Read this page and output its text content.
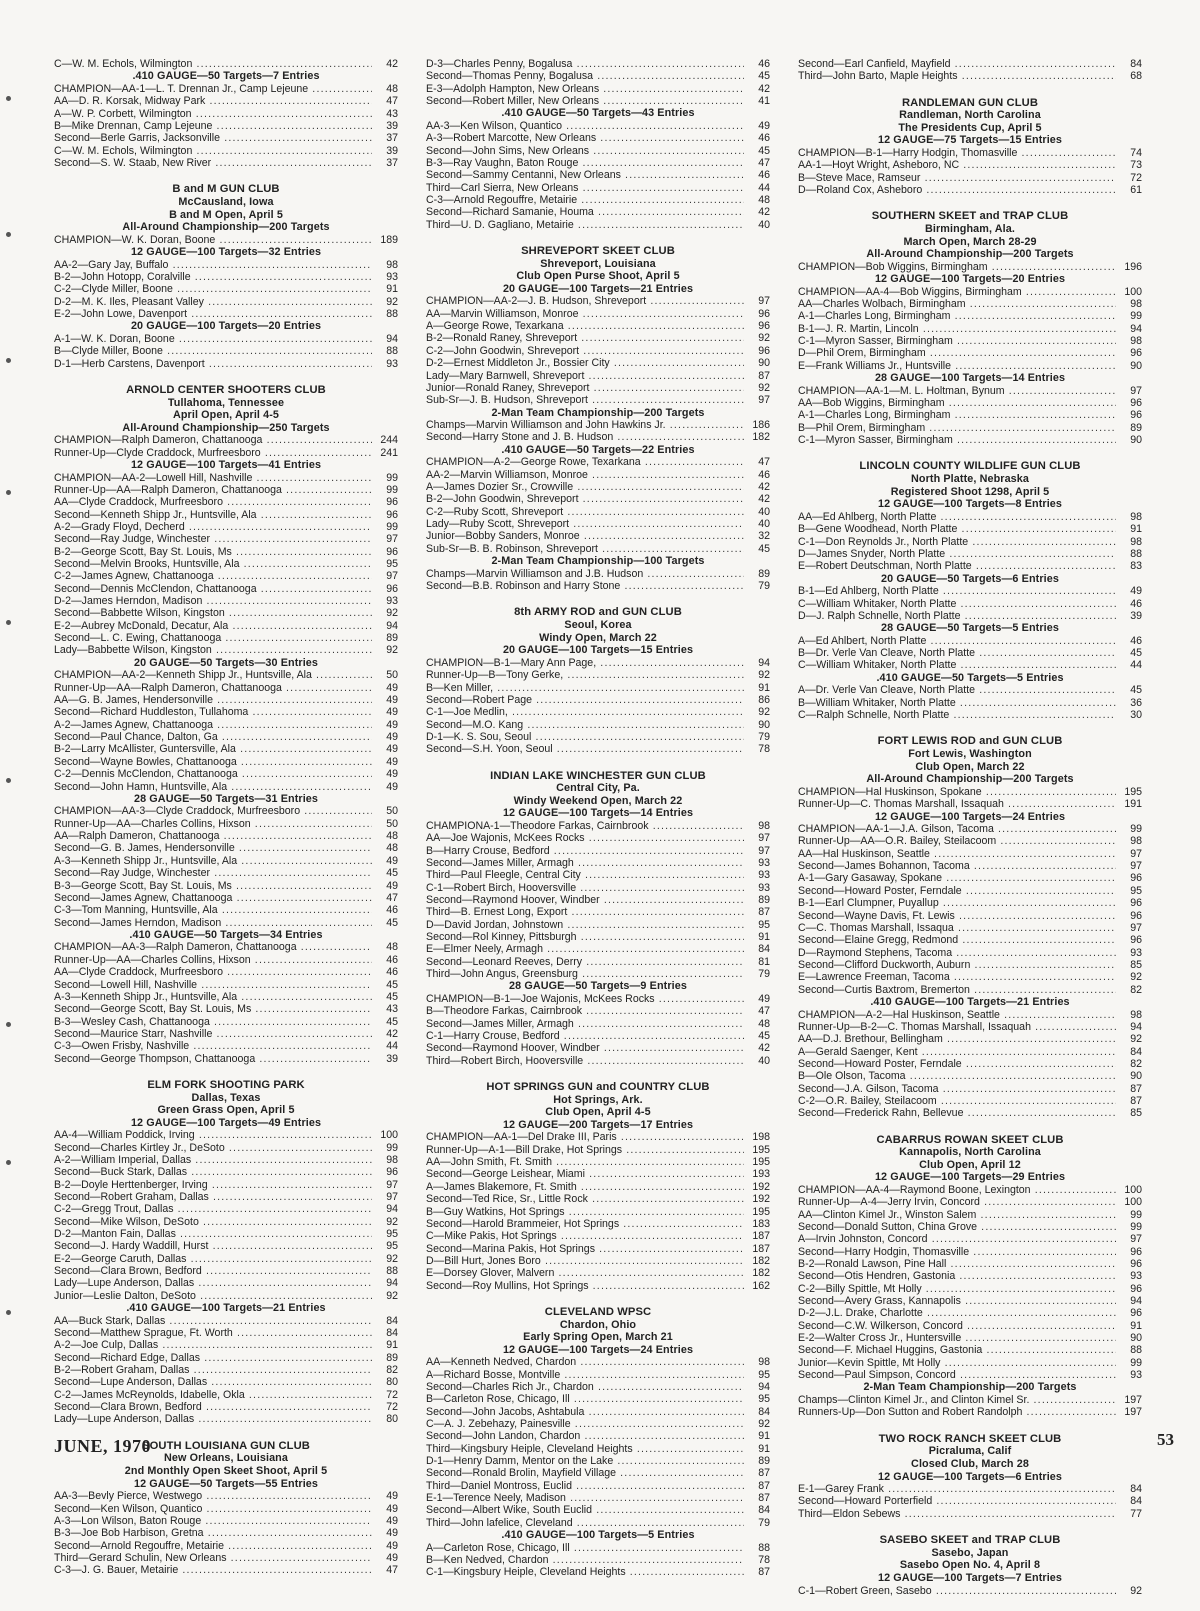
C—W. M. Echols, Wilmington .....	42
.410 GAUGE—50 Targets—7 Entries
CHAMPION—AA-1—L. T. Drennan Jr., Camp Lejeune .....	48
AA—D. R. Korsak, Midway Park .....	47
A—W. P. Corbett, Wilmington .....	43
B—Mike Drennan, Camp Lejeune .....	39
Second—Berle Garris, Jacksonville .....	37
C—W. M. Echols, Wilmington .....	39
Second—S. W. Staab, New River .....	37
B and M GUN CLUB
McCausland, Iowa
B and M Open, April 5
All-Around Championship—200 Targets
CHAMPION—W. K. Doran, Boone .....	189
12 GAUGE—100 Targets—32 Entries
AA-2—Gary Jay, Buffalo .....	98
B-2—John Hotopp, Coralville .....	93
C-2—Clyde Miller, Boone .....	91
D-2—M. K. Iles, Pleasant Valley .....	92
E-2—John Lowe, Davenport .....	88
20 GAUGE—100 Targets—20 Entries
A-1—W. K. Doran, Boone .....	94
B—Clyde Miller, Boone .....	88
D-1—Herb Carstens, Davenport .....	93
ARNOLD CENTER SHOOTERS CLUB
Tullahoma, Tennessee
April Open, April 4-5
All-Around Championship—250 Targets
CHAMPION—Ralph Dameron, Chattanooga .....	244
Runner-Up—Clyde Craddock, Murfreesboro .....	241
12 GAUGE—100 Targets—41 Entries
CHAMPION—AA-2—Lowell Hill, Nashville .....	99
Runner-Up—AA—Ralph Dameron, Chattanooga .....	99
AA—Clyde Craddock, Murfreesboro .....	96
Second—Kenneth Shipp Jr., Huntsville, Ala .....	96
A-2—Grady Floyd, Decherd .....	99
Second—Ray Judge, Winchester .....	97
B-2—George Scott, Bay St. Louis, Ms .....	96
Second—Melvin Brooks, Huntsville, Ala .....	95
C-2—James Agnew, Chattanooga .....	97
Second—Dennis McClendon, Chattanooga .....	96
D-2—James Herndon, Madison .....	93
Second—Babbette Wilson, Kingston .....	92
E-2—Aubrey McDonald, Decatur, Ala .....	94
Second—L. C. Ewing, Chattanooga .....	89
Lady—Babbette Wilson, Kingston .....	92
20 GAUGE—50 Targets—30 Entries
CHAMPION—AA-2—Kenneth Shipp Jr., Huntsville, Ala .....	50
Runner-Up—AA—Ralph Dameron, Chattanooga .....	49
AA—G. B. James, Hendersonville .....	49
Second—Richard Huddleston, Tullahoma .....	49
A-2—James Agnew, Chattanooga .....	49
Second—Paul Chance, Dalton, Ga .....	49
B-2—Larry McAllister, Guntersville, Ala .....	49
Second—Wayne Bowles, Chattanooga .....	49
C-2—Dennis McClendon, Chattanooga .....	49
Second—John Hamn, Huntsville, Ala .....	49
28 GAUGE—50 Targets—31 Entries
CHAMPION—AA-3—Clyde Craddock, Murfreesboro .....	50
Runner-Up—AA—Charles Collins, Hixson .....	50
AA—Ralph Dameron, Chattanooga .....	48
Second—G. B. James, Hendersonville .....	48
A-3—Kenneth Shipp Jr., Huntsville, Ala .....	49
Second—Ray Judge, Winchester .....	45
B-3—George Scott, Bay St. Louis, Ms .....	49
Second—James Agnew, Chattanooga .....	47
C-3—Tom Manning, Huntsville, Ala .....	46
Second—James Herndon, Madison .....	45
.410 GAUGE—50 Targets—34 Entries
CHAMPION—AA-3—Ralph Dameron, Chattanooga .....	48
Runner-Up—AA—Charles Collins, Hixson .....	46
AA—Clyde Craddock, Murfreesboro .....	46
Second—Lowell Hill, Nashville .....	45
A-3—Kenneth Shipp Jr., Huntsville, Ala .....	45
Second—George Scott, Bay St. Louis, Ms .....	43
B-3—Wesley Cash, Chattanooga .....	45
Second—Maurice Starr, Nashville .....	42
C-3—Owen Frisby, Nashville .....	44
Second—George Thompson, Chattanooga .....	39
ELM FORK SHOOTING PARK
Dallas, Texas
Green Grass Open, April 5
12 GAUGE—100 Targets—49 Entries
AA-4—William Poddick, Irving .....	100
Second—Charles Kirtley Jr., DeSoto .....	99
A-2—William Imperial, Dallas .....	98
Second—Buck Stark, Dallas .....	96
B-2—Doyle Herttenberger, Irving .....	97
Second—Robert Graham, Dallas .....	97
C-2—Gregg Trout, Dallas .....	94
Second—Mike Wilson, DeSoto .....	92
D-2—Manton Fain, Dallas .....	95
Second—J. Hardy Waddill, Hurst .....	95
E-2—George Caruth, Dallas .....	92
Second—Clara Brown, Bedford .....	88
Lady—Lupe Anderson, Dallas .....	94
Junior—Leslie Dalton, DeSoto .....	92
.410 GAUGE—100 Targets—21 Entries
AA—Buck Stark, Dallas .....	84
Second—Matthew Sprague, Ft. Worth .....	84
A-2—Joe Culp, Dallas .....	91
Second—Richard Edge, Dallas .....	89
B-2—Robert Graham, Dallas .....	82
Second—Lupe Anderson, Dallas .....	80
C-2—James McReynolds, Idabelle, Okla .....	72
Second—Clara Brown, Bedford .....	72
Lady—Lupe Anderson, Dallas .....	80
SOUTH LOUISIANA GUN CLUB
New Orleans, Louisiana
2nd Monthly Open Skeet Shoot, April 5
12 GAUGE—50 Targets—55 Entries
AA-3—Bevly Pierce, Westwego .....	49
Second—Ken Wilson, Quantico .....	49
A-3—Lon Wilson, Baton Rouge .....	49
B-3—Joe Bob Harbison, Gretna .....	49
Second—Arnold Regouffre, Metairie .....	49
Third—Gerard Schulin, New Orleans .....	49
C-3—J. G. Bauer, Metairie .....	47
D-3—Charles Penny, Bogalusa .....	46
Second—Thomas Penny, Bogalusa .....	45
E-3—Adolph Hampton, New Orleans .....	42
Second—Robert Miller, New Orleans .....	41
.410 GAUGE—50 Targets—43 Entries
AA-3—Ken Wilson, Quantico .....	49
A-3—Robert Marcotte, New Orleans .....	46
Second—John Sims, New Orleans .....	45
B-3—Ray Vaughn, Baton Rouge .....	47
Second—Sammy Centanni, New Orleans .....	46
Third—Carl Sierra, New Orleans .....	44
C-3—Arnold Regouffre, Metairie .....	48
Second—Richard Samanie, Houma .....	42
Third—U. D. Gagliano, Metairie .....	40
SHREVEPORT SKEET CLUB
Shreveport, Louisiana
Club Open Purse Shoot, April 5
20 GAUGE—100 Targets—21 Entries
CHAMPION—AA-2—J. B. Hudson, Shreveport .....	97
AA—Marvin Williamson, Monroe .....	96
A—George Rowe, Texarkana .....	96
B-2—Ronald Raney, Shreveport .....	92
C-2—John Goodwin, Shreveport .....	96
D-2—Ernest Middleton Jr., Bossier City .....	90
Lady—Mary Barnwell, Shreveport .....	87
Junior—Ronald Raney, Shreveport .....	92
Sub-Sr—J. B. Hudson, Shreveport .....	97
2-Man Team Championship—200 Targets
Champs—Marvin Williamson and John Hawkins Jr. .....	186
Second—Harry Stone and J. B. Hudson .....	182
.410 GAUGE—50 Targets—22 Entries
CHAMPION—A-2—George Rowe, Texarkana .....	47
AA-2—Marvin Williamson, Monroe .....	46
A—James Dozier Sr., Crowville .....	42
B-2—John Goodwin, Shreveport .....	42
C-2—Ruby Scott, Shreveport .....	40
Lady—Ruby Scott, Shreveport .....	40
Junior—Bobby Sanders, Monroe .....	32
Sub-Sr—B. B. Robinson, Shreveport .....	45
2-Man Team Championship—100 Targets
Champs—Marvin Williamson and J.B. Hudson .....	89
Second—B.B. Robinson and Harry Stone .....	79
8th ARMY ROD and GUN CLUB
Seoul, Korea
Windy Open, March 22
20 GAUGE—100 Targets—15 Entries
CHAMPION—B-1—Mary Ann Page, .....	94
Runner-Up—B—Tony Gerke, .....	92
B—Ken Miller, .....	91
Second—Robert Page .....	86
C-1—Joe Medlin, .....	92
Second—M.O. Kang .....	90
D-1—K. S. Sou, Seoul .....	79
Second—S.H. Yoon, Seoul .....	78
INDIAN LAKE WINCHESTER GUN CLUB
Central City, Pa.
Windy Weekend Open, March 22
12 GAUGE—100 Targets—14 Entries
CHAMPIONA-1—Theodore Farkas, Cairnbrook .....	98
AA—Joe Wajonis, McKees Rocks .....	97
B—Harry Crouse, Bedford .....	97
Second—James Miller, Armagh .....	93
Third—Paul Fleegle, Central City .....	93
C-1—Robert Birch, Hooversville .....	93
Second—Raymond Hoover, Windber .....	89
Third—B. Ernest Long, Export .....	87
D—David Jordan, Johnstown .....	95
Second—Rol Kinney, Pittsburgh .....	91
E—Elmer Neely, Armagh .....	84
Second—Leonard Reeves, Derry .....	81
Third—John Angus, Greensburg .....	79
28 GAUGE—50 Targets—9 Entries
CHAMPION—B-1—Joe Wajonis, McKees Rocks .....	49
B—Theodore Farkas, Cairnbrook .....	47
Second—James Miller, Armagh .....	48
C-1—Harry Crouse, Bedford .....	45
Second—Raymond Hoover, Windber .....	42
Third—Robert Birch, Hooversville .....	40
HOT SPRINGS GUN and COUNTRY CLUB
Hot Springs, Ark.
Club Open, April 4-5
12 GAUGE—200 Targets—17 Entries
CHAMPION—AA-1—Del Drake III, Paris .....	198
Runner-Up—A-1—Bill Drake, Hot Springs .....	195
AA—John Smith, Ft. Smith .....	195
Second—George Leishear, Miami .....	193
A—James Blakemore, Ft. Smith .....	192
Second—Ted Rice, Sr., Little Rock .....	192
B—Guy Watkins, Hot Springs .....	195
Second—Harold Brammeier, Hot Springs .....	183
C—Mike Pakis, Hot Springs .....	187
Second—Marina Pakis, Hot Springs .....	187
D—Bill Hurt, Jones Boro .....	182
E—Dorsey Glover, Malvern .....	182
Second—Roy Mullins, Hot Springs .....	162
CLEVELAND WPSC
Chardon, Ohio
Early Spring Open, March 21
12 GAUGE—100 Targets—24 Entries
AA—Kenneth Nedved, Chardon .....	98
A—Richard Bosse, Montville .....	95
Second—Charles Rich Jr., Chardon .....	94
B—Carleton Rose, Chicago, Ill .....	95
Second—John Jacobs, Ashtabula .....	84
C—A. J. Zebehazy, Painesville .....	92
Second—John Landon, Chardon .....	91
Third—Kingsbury Heiple, Cleveland Heights .....	91
D-1—Henry Damm, Mentor on the Lake .....	89
Second—Ronald Brolin, Mayfield Village .....	87
Third—Daniel Montross, Euclid .....	87
E-1—Terence Neely, Madison .....	87
Second—Albert Wike, South Euclid .....	84
Third—John lafelice, Cleveland .....	79
.410 GAUGE—100 Targets—5 Entries
A—Carleton Rose, Chicago, Ill .....	88
B—Ken Nedved, Chardon .....	78
C-1—Kingsbury Heiple, Cleveland Heights .....	87
Second—Earl Canfield, Mayfield .....	84
Third—John Barto, Maple Heights .....	68
RANDLEMAN GUN CLUB
Randleman, North Carolina
The Presidents Cup, April 5
12 GAUGE—75 Targets—15 Entries
CHAMPION—B-1—Harry Hodgin, Thomasville .....	74
AA-1—Hoyt Wright, Asheboro, NC .....	73
B—Steve Mace, Ramseur .....	72
D—Roland Cox, Asheboro .....	61
SOUTHERN SKEET and TRAP CLUB
Birmingham, Ala.
March Open, March 28-29
All-Around Championship—200 Targets
CHAMPION—Bob Wiggins, Birmingham .....	196
12 GAUGE—100 Targets—20 Entries
CHAMPION—AA-4—Bob Wiggins, Birmingham .....	100
AA—Charles Wolbach, Birmingham .....	98
A-1—Charles Long, Birmingham .....	99
B-1—J. R. Martin, Lincoln .....	94
C-1—Myron Sasser, Birmingham .....	98
D—Phil Orem, Birmingham .....	96
E—Frank Williams Jr., Huntsville .....	90
28 GAUGE—100 Targets—14 Entries
CHAMPION—AA-1—M. L. Holtman, Bynum .....	97
AA—Bob Wiggins, Birmingham .....	96
A-1—Charles Long, Birmingham .....	96
B—Phil Orem, Birmingham .....	89
C-1—Myron Sasser, Birmingham .....	90
LINCOLN COUNTY WILDLIFE GUN CLUB
North Platte, Nebraska
Registered Shoot 1298, April 5
12 GAUGE—100 Targets—8 Entries
AA—Ed Ahlberg, North Platte .....	98
B—Gene Woodhead, North Platte .....	91
C-1—Don Reynolds Jr., North Platte .....	98
D—James Snyder, North Platte .....	88
E—Robert Deutschman, North Platte .....	83
20 GAUGE—50 Targets—6 Entries
B-1—Ed Ahlberg, North Platte .....	49
C—William Whitaker, North Platte .....	46
D—J. Ralph Schnelle, North Platte .....	39
28 GAUGE—50 Targets—5 Entries
A—Ed Ahlbert, North Platte .....	46
B—Dr. Verle Van Cleave, North Platte .....	45
C—William Whitaker, North Platte .....	44
.410 GAUGE—50 Targets—5 Entries
A—Dr. Verle Van Cleave, North Platte .....	45
B—William Whitaker, North Platte .....	36
C—Ralph Schnelle, North Platte .....	30
FORT LEWIS ROD and GUN CLUB
Fort Lewis, Washington
Club Open, March 22
All-Around Championship—200 Targets
CHAMPION—Hal Huskinson, Spokane .....	195
Runner-Up—C. Thomas Marshall, Issaquah .....	191
12 GAUGE—100 Targets—24 Entries
CHAMPION—AA-1—J.A. Gilson, Tacoma .....	99
Runner-Up—AA—O.R. Bailey, Steilacoom .....	98
AA—Hal Huskinson, Seattle .....	97
Second—James Bohannon, Tacoma .....	97
A-1—Gary Gasaway, Spokane .....	96
Second—Howard Poster, Ferndale .....	95
B-1—Earl Clumpner, Puyallup .....	96
Second—Wayne Davis, Ft. Lewis .....	96
C—C. Thomas Marshall, Issaqua .....	97
Second—Elaine Gregg, Redmond .....	96
D—Raymond Stephens, Tacoma .....	93
Second—Clifford Duckworth, Auburn .....	85
E—Lawrence Freeman, Tacoma .....	92
Second—Curtis Baxtrom, Bremerton .....	82
.410 GAUGE—100 Targets—21 Entries
CHAMPION—A-2—Hal Huskinson, Seattle .....	98
Runner-Up—B-2—C. Thomas Marshall, Issaquah .....	94
AA—D.J. Brethour, Bellingham .....	92
A—Gerald Saenger, Kent .....	84
Second—Howard Poster, Ferndale .....	82
B—Ole Olson, Tacoma .....	90
Second—J.A. Gilson, Tacoma .....	87
C-2—O.R. Bailey, Steilacoom .....	87
Second—Frederick Rahn, Bellevue .....	85
CABARRUS ROWAN SKEET CLUB
Kannapolis, North Carolina
Club Open, April 12
12 GAUGE—100 Targets—29 Entries
CHAMPION—AA-4—Raymond Boone, Lexington .....	100
Runner-Up—A-4—Jerry Irvin, Concord .....	100
AA—Clinton Kimel Jr., Winston Salem .....	99
Second—Donald Sutton, China Grove .....	99
A—Irvin Johnston, Concord .....	97
Second—Harry Hodgin, Thomasville .....	96
B-2—Ronald Lawson, Pine Hall .....	96
Second—Otis Hendren, Gastonia .....	93
C-2—Billy Spittle, Mt Holly .....	96
Second—Avery Grass, Kannapolis .....	94
D-2—J.L. Drake, Charlotte .....	96
Second—C.W. Wilkerson, Concord .....	91
E-2—Walter Cross Jr., Huntersville .....	90
Second—F. Michael Huggins, Gastonia .....	88
Junior—Kevin Spittle, Mt Holly .....	99
Second—Paul Simpson, Concord .....	93
2-Man Team Championship—200 Targets
Champs—Clinton Kimel Jr., and Clinton Kimel Sr. .....	197
Runners-Up—Don Sutton and Robert Randolph .....	197
TWO ROCK RANCH SKEET CLUB
Picraluma, Calif
Closed Club, March 28
12 GAUGE—100 Targets—6 Entries
E-1—Garey Frank .....	84
Second—Howard Porterfield .....	84
Third—Eldon Sebews .....	77
SASEBO SKEET and TRAP CLUB
Sasebo, Japan
Sasebo Open No. 4, April 8
12 GAUGE—100 Targets—7 Entries
C-1—Robert Green, Sasebo .....	92
JUNE, 1970	53
